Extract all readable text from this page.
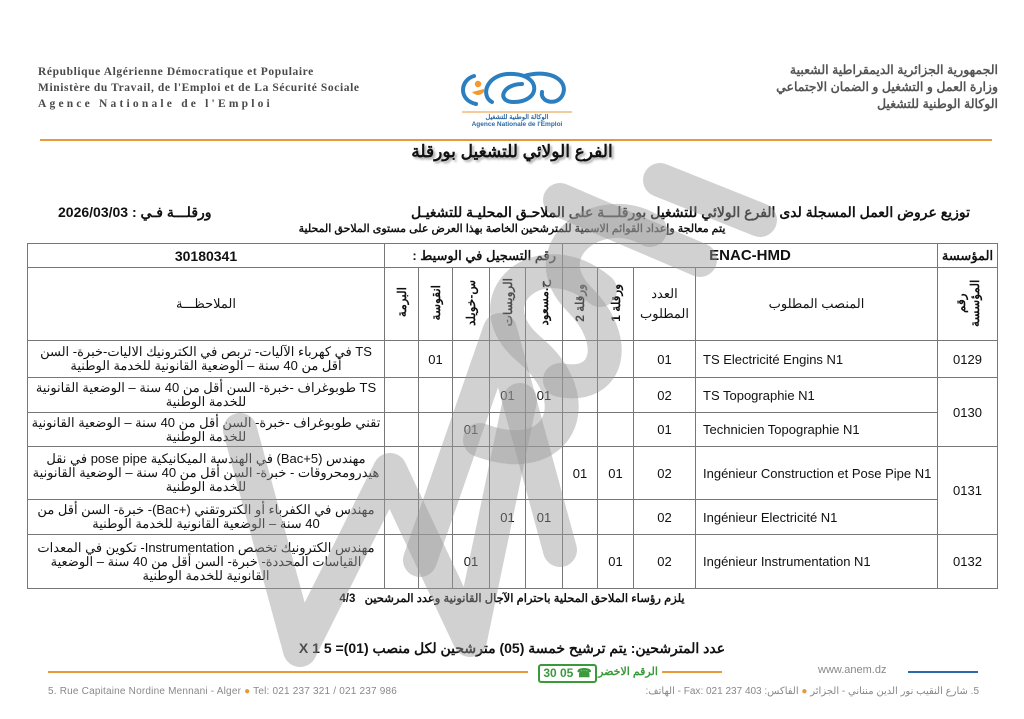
République Algérienne Démocratique et Populaire
Ministère du Travail, de l'Emploi et de La Sécurité Sociale
Agence Nationale de l'Emploi
الوكالة الوطنية للتشغيل
Agence Nationale de l'Emploi
الجمهورية الجزائرية الديمقراطية الشعبية
وزارة العمل و التشغيل و الضمان الاجتماعي
الوكالة الوطنية للتشغيل
الفرع الولائي للتشغيل بورقلة
توزيع عروض العمل المسجلة لدى الفرع الولائي للتشغيل بورقلـــة على الملاحـق المحليـة للتشغيـل
ورقلـــة فـي : 2026/03/03
يتم معالجة وإعداد القوائم الاسمية للمترشحين الخاصة بهذا العرض على مستوى الملاحق المحلية
30180341	رقم التسجيل في الوسيط :					ENAC-HMD				المؤسسة
الملاحظـــة	البرمة	انقوسة	س-خويلد	الرويسات	ح.مسعود	ورقلة 2	ورقلة 1	العدد المطلوب	المنصب المطلوب	رقم المؤسسة
TS في كهرباء الآليات- تربص في الكترونيك الاليات-خبرة- السن أقل من 40 سنة – الوضعية القانونية للخدمة الوطنية		01						01	TS Electricité Engins N1	0129
TS طوبوغراف -خبرة- السن أقل من 40 سنة – الوضعية القانونية للخدمة الوطنية				01	01			02	TS Topographie N1	0130
تقني طوبوغراف -خبرة- السن أقل من 40 سنة – الوضعية القانونية للخدمة الوطنية			01					01	Technicien Topographie N1	
مهندس (Bac+5) في الهندسة الميكانيكية pose pipe في نقل هيدرومحروقات - خبرة- السن أقل من 40 سنة – الوضعية القانونية للخدمة الوطنية						01	01	02	Ingénieur Construction et Pose Pipe N1	0131
مهندس في الكفرباء أو الكتروتقني (+Bac)- خبرة- السن أقل من 40 سنة – الوضعية القانونية للخدمة الوطنية				01	01			02	Ingénieur Electricité N1	
مهندس الكترونيك تخصص Instrumentation- تكوين في المعدات القياسات المحددة- خبرة- السن أقل من 40 سنة – الوضعية القانونية للخدمة الوطنية			01				01	02	Ingénieur Instrumentation N1	0132
يلزم رؤساء الملاحق المحلية باحترام الآجال القانونية وعدد المرشحين 4/3
عدد المترشحين: يتم ترشيح خمسة (05) مترشحين لكل منصب (01)= 5 X 1
30 05 ☎ الرقم الاخضر	www.anem.dz
5. Rue Capitaine Nordine Mennani - Alger ● Tel: 021 237 321 / 021 237 986	5. شارع النقيب نور الدين منناني - الجزائر ● الفاكس: 403 237 021 :Fax - الهاتف:
